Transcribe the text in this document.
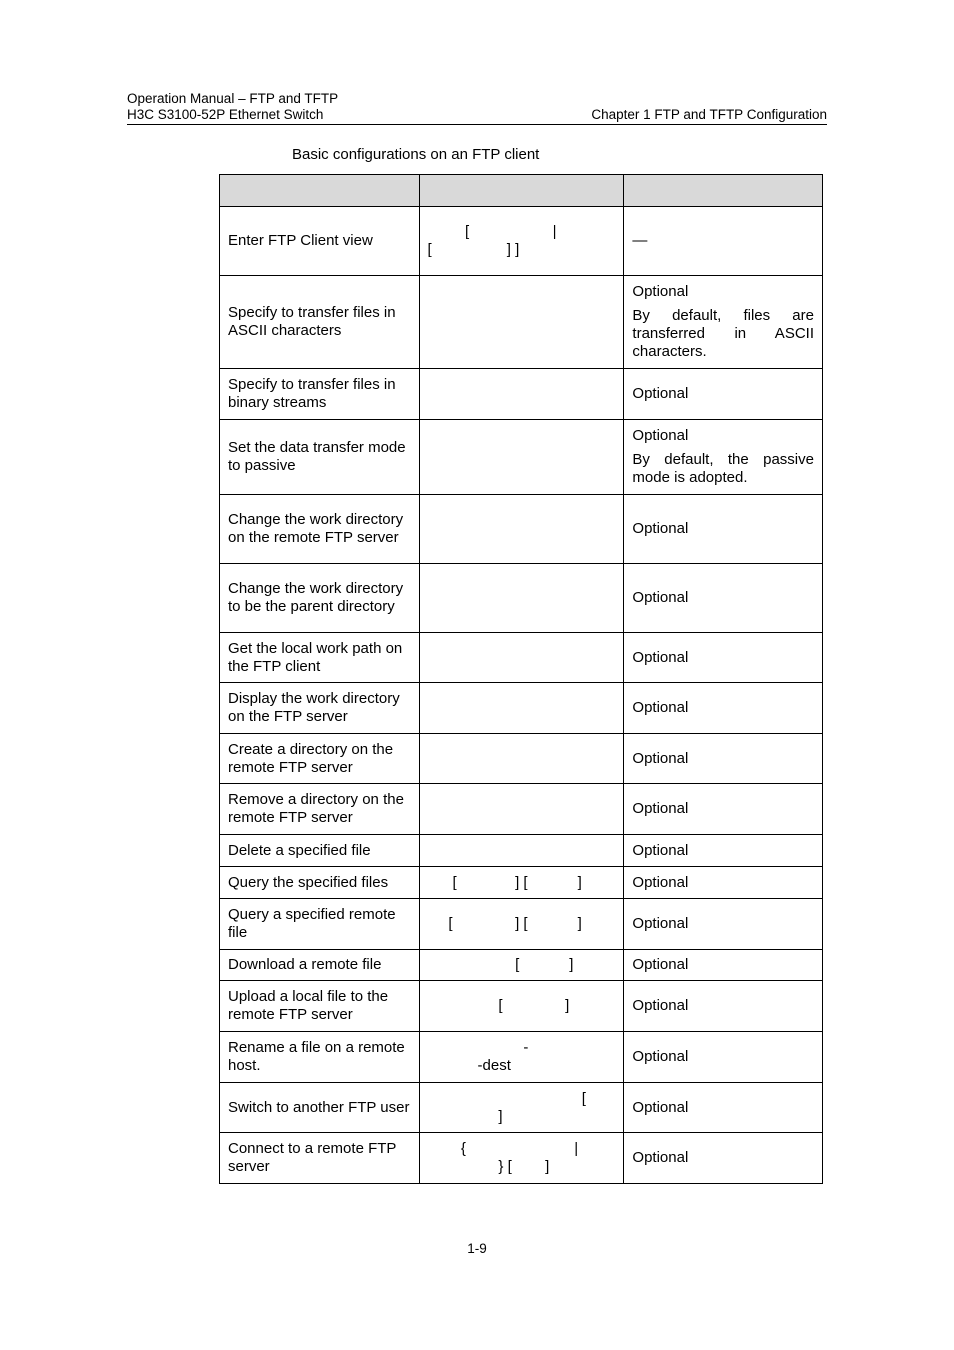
Operation Manual – FTP and TFTP
H3C S3100-52P Ethernet Switch	Chapter 1 FTP and TFTP Configuration
Basic configurations on an FTP client

Enter FTP Client view	[                    |
[                  ] ]	—

Specify to transfer files in ASCII characters		Optional

By default, files are transferred in ASCII characters.

Specify to transfer files in binary streams		Optional

Set the data transfer mode to passive		Optional

By default, the passive mode is adopted.

Change the work directory on the remote FTP server		Optional

Change the work directory to be the parent directory		Optional

Get the local work path on the FTP client		Optional

Display the work directory on the FTP server		Optional

Create a directory on the remote FTP server		Optional

Remove a directory on the remote FTP server		Optional

Delete a specified file		Optional

Query the specified files	[              ] [            ]	Optional

Query a specified remote file	[               ] [            ]	Optional

Download a remote file	[            ]	Optional

Upload a local file to the remote FTP server	[               ]	Optional

Rename a file on a remote host.	-
-dest	Optional

Switch to another FTP user	[
]	Optional

Connect to a remote FTP server	{                          |
} [        ]	Optional

1-9
